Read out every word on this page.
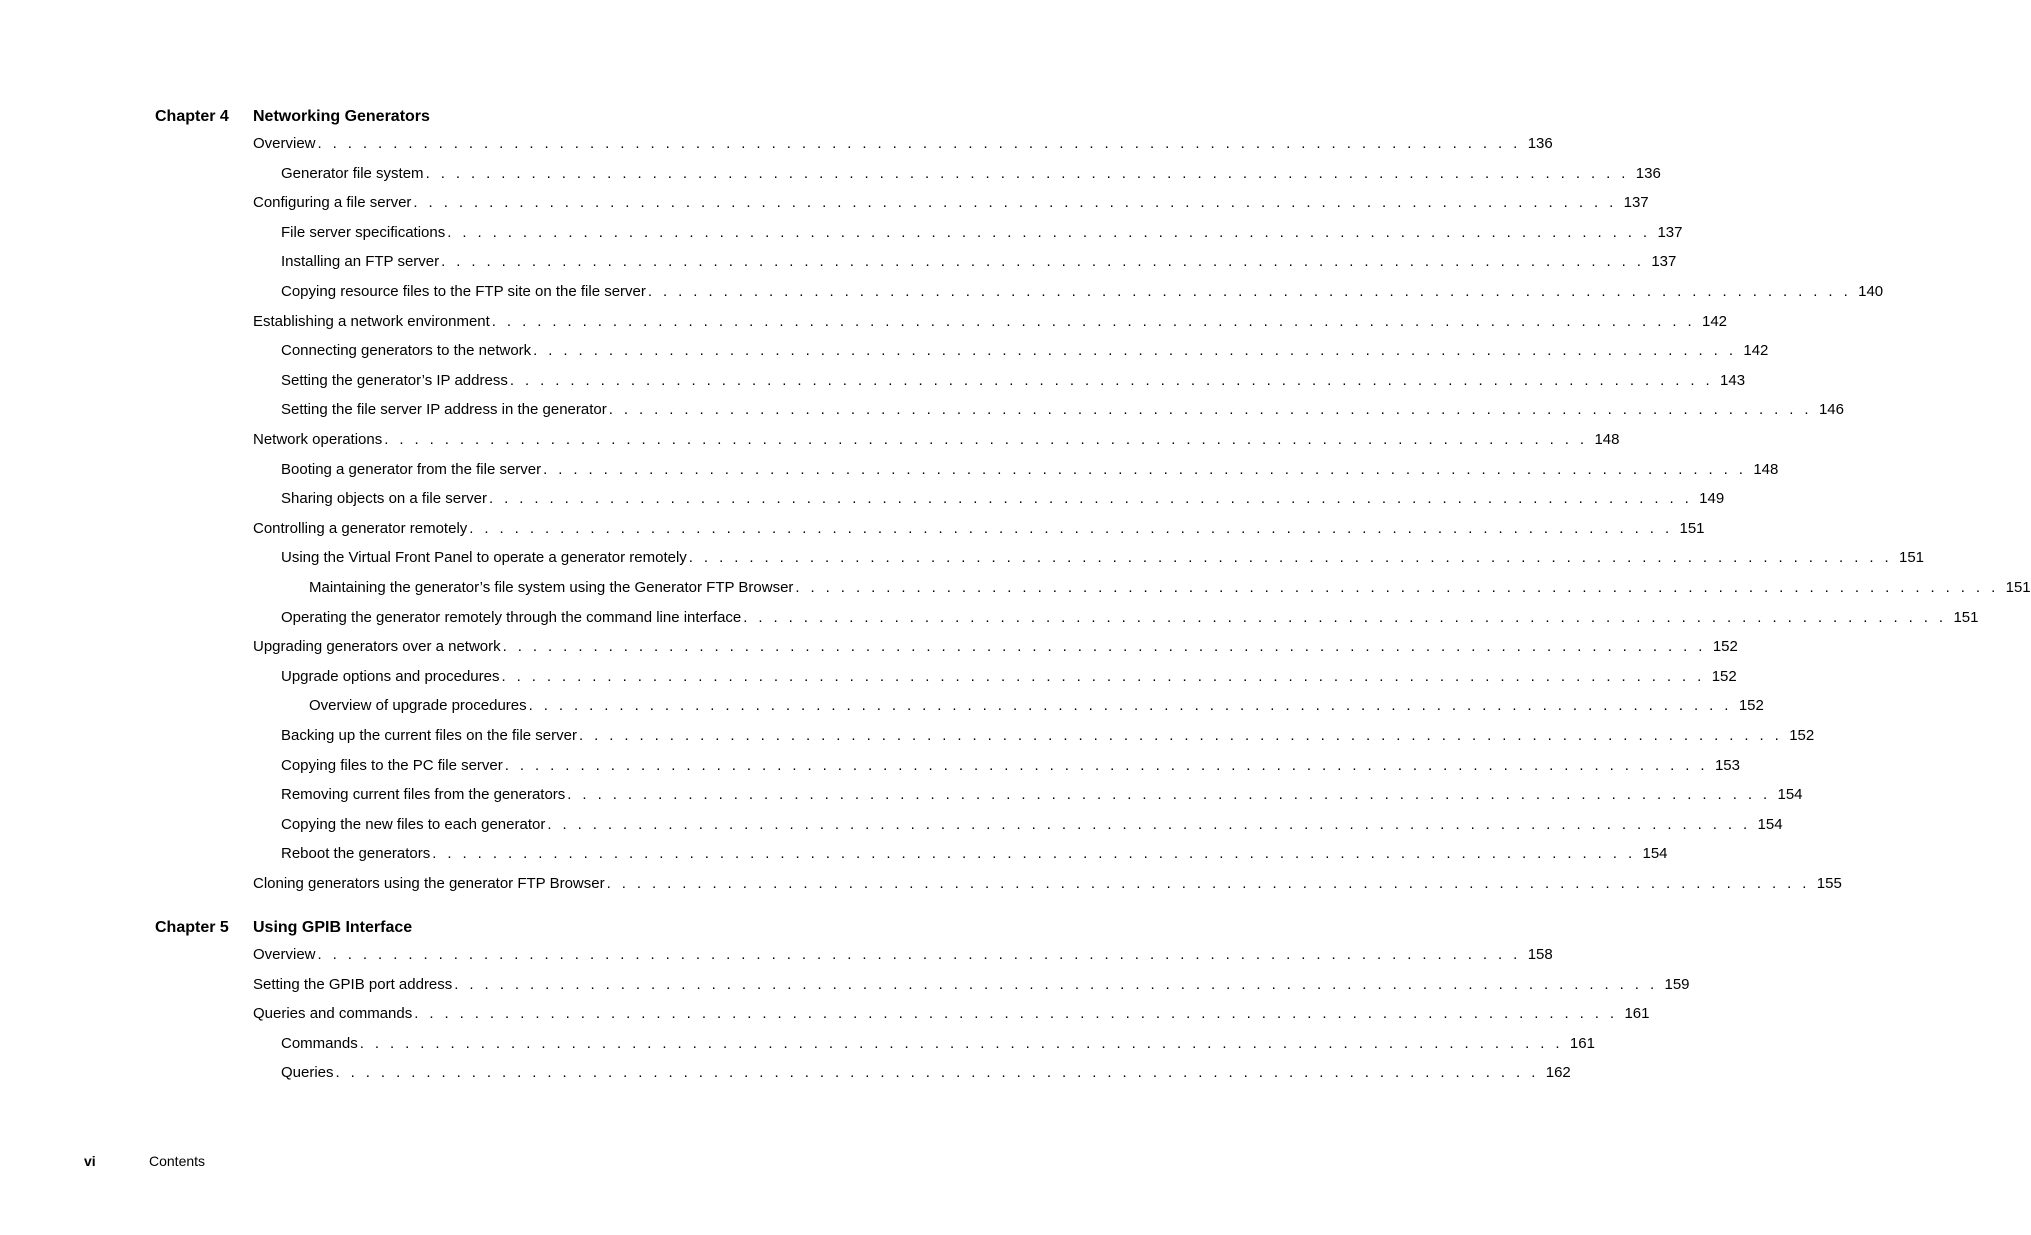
Chapter 4 Networking Generators
Overview . . . . . . . . . . . . . . . . . . . . . . . . . . . . . . . . . . . . . . . . . . . . . . . . . . . . . . . . . . . . . . . . . . . . . . . . . . . . . . . . 136
Generator file system . . . . . . . . . . . . . . . . . . . . . . . . . . . . . . . . . . . . . . . . . . . . . . . . . . . . . . . . . . . . . . . . . . . . . . . . . . . . . . . . 136
Configuring a file server . . . . . . . . . . . . . . . . . . . . . . . . . . . . . . . . . . . . . . . . . . . . . . . . . . . . . . . . . . . . . . . . . . . . . . . . . . . . . . . . 137
File server specifications . . . . . . . . . . . . . . . . . . . . . . . . . . . . . . . . . . . . . . . . . . . . . . . . . . . . . . . . . . . . . . . . . . . . . . . . . . . . . . . . 137
Installing an FTP server . . . . . . . . . . . . . . . . . . . . . . . . . . . . . . . . . . . . . . . . . . . . . . . . . . . . . . . . . . . . . . . . . . . . . . . . . . . . . . . . 137
Copying resource files to the FTP site on the file server . . . . . . . . . . . . . . . . . . . . . . . . . . . . . . . . . . . . . . . . . . . . . . . . . . . . . . . . . . . . . . . . . . . . . . . . . . . . . . . . 140
Establishing a network environment . . . . . . . . . . . . . . . . . . . . . . . . . . . . . . . . . . . . . . . . . . . . . . . . . . . . . . . . . . . . . . . . . . . . . . . . . . . . . . . . 142
Connecting generators to the network . . . . . . . . . . . . . . . . . . . . . . . . . . . . . . . . . . . . . . . . . . . . . . . . . . . . . . . . . . . . . . . . . . . . . . . . . . . . . . . . 142
Setting the generator’s IP address . . . . . . . . . . . . . . . . . . . . . . . . . . . . . . . . . . . . . . . . . . . . . . . . . . . . . . . . . . . . . . . . . . . . . . . . . . . . . . . . 143
Setting the file server IP address in the generator . . . . . . . . . . . . . . . . . . . . . . . . . . . . . . . . . . . . . . . . . . . . . . . . . . . . . . . . . . . . . . . . . . . . . . . . . . . . . . . . 146
Network operations . . . . . . . . . . . . . . . . . . . . . . . . . . . . . . . . . . . . . . . . . . . . . . . . . . . . . . . . . . . . . . . . . . . . . . . . . . . . . . . . 148
Booting a generator from the file server . . . . . . . . . . . . . . . . . . . . . . . . . . . . . . . . . . . . . . . . . . . . . . . . . . . . . . . . . . . . . . . . . . . . . . . . . . . . . . . . 148
Sharing objects on a file server . . . . . . . . . . . . . . . . . . . . . . . . . . . . . . . . . . . . . . . . . . . . . . . . . . . . . . . . . . . . . . . . . . . . . . . . . . . . . . . . 149
Controlling a generator remotely . . . . . . . . . . . . . . . . . . . . . . . . . . . . . . . . . . . . . . . . . . . . . . . . . . . . . . . . . . . . . . . . . . . . . . . . . . . . . . . . 151
Using the Virtual Front Panel to operate a generator remotely . . . . . . . . . . . . . . . . . . . . . . . . . . . . . . . . . . . . . . . . . . . . . . . . . . . . . . . . . . . . . . . . . . . . . . . . . . . . . . . . 151
Maintaining the generator’s file system using the Generator FTP Browser . . . . . . . . . . . . . . . . . . . . . . . . . . . . . . . . . . . . . . . . . . . . . . . . . . . . . . . . . . . . . . . . . . . . . . . . . . . . . . . . 151
Operating the generator remotely through the command line interface . . . . . . . . . . . . . . . . . . . . . . . . . . . . . . . . . . . . . . . . . . . . . . . . . . . . . . . . . . . . . . . . . . . . . . . . . . . . . . . . 151
Upgrading generators over a network . . . . . . . . . . . . . . . . . . . . . . . . . . . . . . . . . . . . . . . . . . . . . . . . . . . . . . . . . . . . . . . . . . . . . . . . . . . . . . . . 152
Upgrade options and procedures . . . . . . . . . . . . . . . . . . . . . . . . . . . . . . . . . . . . . . . . . . . . . . . . . . . . . . . . . . . . . . . . . . . . . . . . . . . . . . . . 152
Overview of upgrade procedures . . . . . . . . . . . . . . . . . . . . . . . . . . . . . . . . . . . . . . . . . . . . . . . . . . . . . . . . . . . . . . . . . . . . . . . . . . . . . . . . 152
Backing up the current files on the file server . . . . . . . . . . . . . . . . . . . . . . . . . . . . . . . . . . . . . . . . . . . . . . . . . . . . . . . . . . . . . . . . . . . . . . . . . . . . . . . . 152
Copying files to the PC file server . . . . . . . . . . . . . . . . . . . . . . . . . . . . . . . . . . . . . . . . . . . . . . . . . . . . . . . . . . . . . . . . . . . . . . . . . . . . . . . . 153
Removing current files from the generators . . . . . . . . . . . . . . . . . . . . . . . . . . . . . . . . . . . . . . . . . . . . . . . . . . . . . . . . . . . . . . . . . . . . . . . . . . . . . . . . 154
Copying the new files to each generator . . . . . . . . . . . . . . . . . . . . . . . . . . . . . . . . . . . . . . . . . . . . . . . . . . . . . . . . . . . . . . . . . . . . . . . . . . . . . . . . 154
Reboot the generators . . . . . . . . . . . . . . . . . . . . . . . . . . . . . . . . . . . . . . . . . . . . . . . . . . . . . . . . . . . . . . . . . . . . . . . . . . . . . . . . 154
Cloning generators using the generator FTP Browser . . . . . . . . . . . . . . . . . . . . . . . . . . . . . . . . . . . . . . . . . . . . . . . . . . . . . . . . . . . . . . . . . . . . . . . . . . . . . . . . 155
Chapter 5 Using GPIB Interface
Overview . . . . . . . . . . . . . . . . . . . . . . . . . . . . . . . . . . . . . . . . . . . . . . . . . . . . . . . . . . . . . . . . . . . . . . . . . . . . . . . . 158
Setting the GPIB port address . . . . . . . . . . . . . . . . . . . . . . . . . . . . . . . . . . . . . . . . . . . . . . . . . . . . . . . . . . . . . . . . . . . . . . . . . . . . . . . . 159
Queries and commands . . . . . . . . . . . . . . . . . . . . . . . . . . . . . . . . . . . . . . . . . . . . . . . . . . . . . . . . . . . . . . . . . . . . . . . . . . . . . . . . 161
Commands . . . . . . . . . . . . . . . . . . . . . . . . . . . . . . . . . . . . . . . . . . . . . . . . . . . . . . . . . . . . . . . . . . . . . . . . . . . . . . . . 161
Queries . . . . . . . . . . . . . . . . . . . . . . . . . . . . . . . . . . . . . . . . . . . . . . . . . . . . . . . . . . . . . . . . . . . . . . . . . . . . . . . . 162
vi	Contents
